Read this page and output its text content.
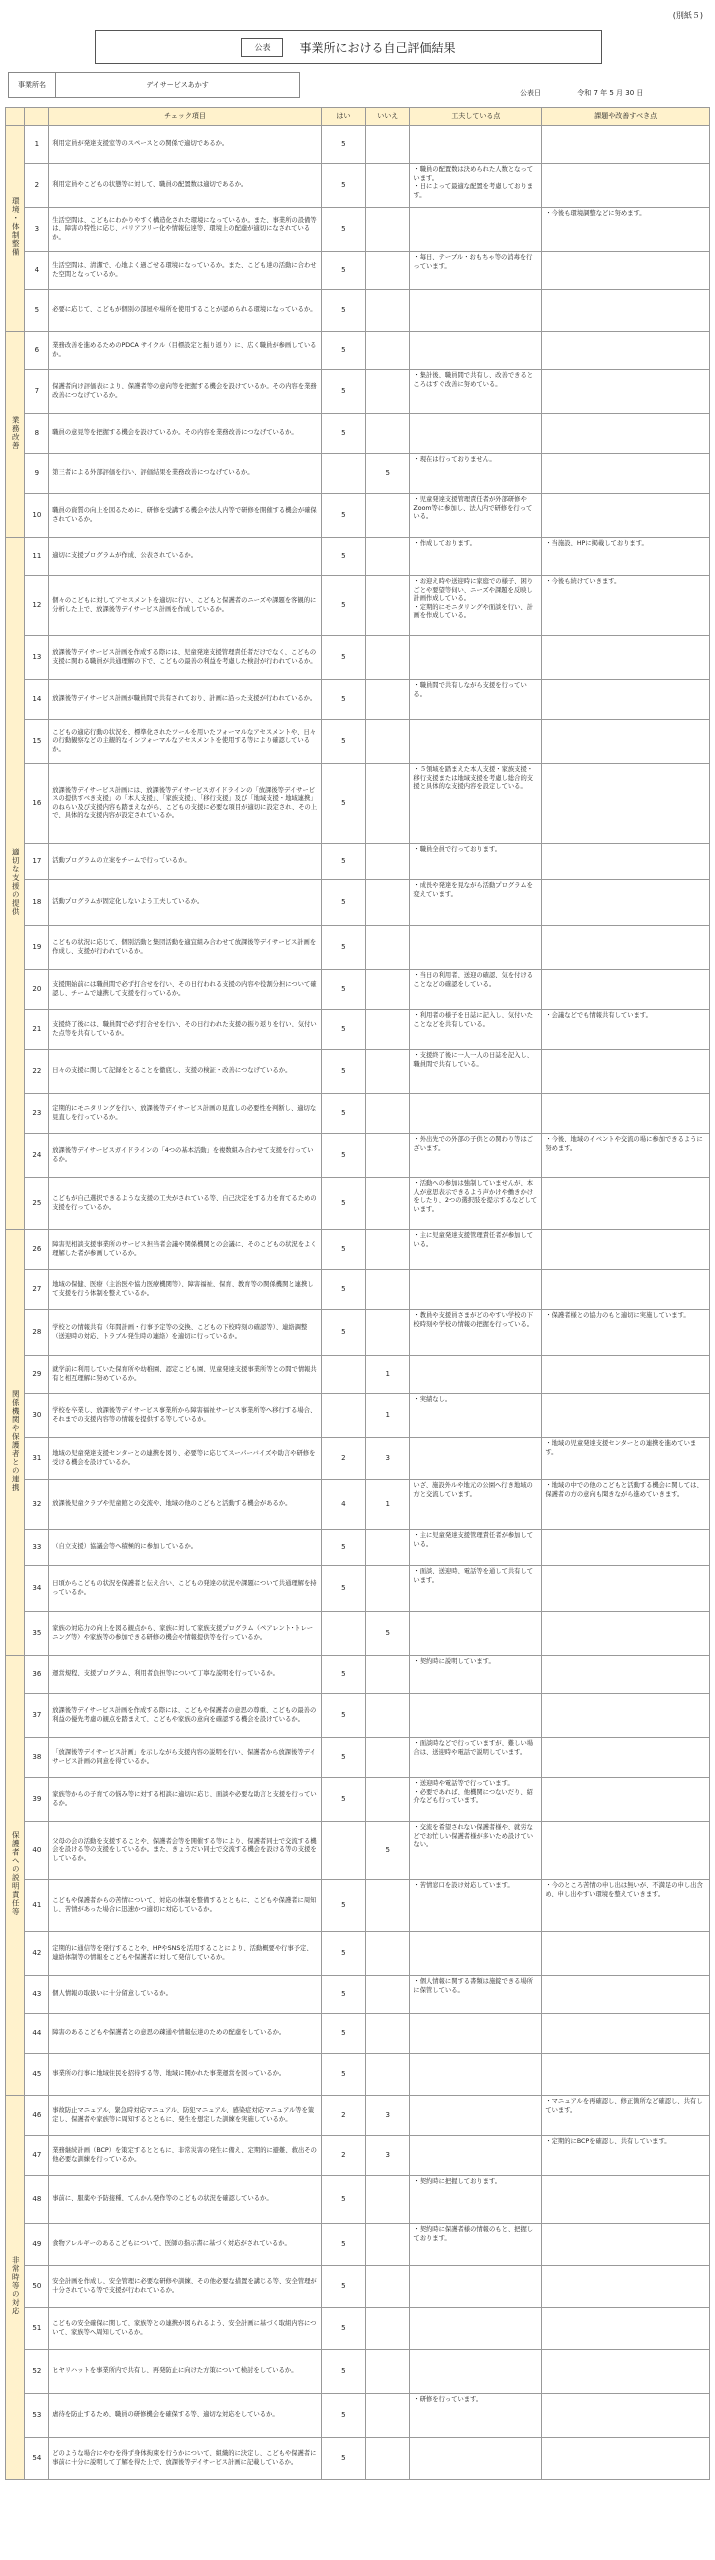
(別紙５)
公表	事業所における自己評価結果
事業所名	デイサービスあかす
公表日	令和 7 年 5 月 30 日
		チェック項目	はい	いいえ	工夫している点	課題や改善すべき点
環境・体制整備	1	利用定員が発達支援室等のスペースとの関係で適切であるか。	5			
	2	利用定員やこどもの状態等に対して、職員の配置数は適切であるか。	5		・職員の配置数は決められた人数となっています。
・日によって最適な配置を考慮しております。	
	3	生活空間は、こどもにわかりやすく構造化された環境になっているか。また、事業所の設備等は、障害の特性に応じ、バリアフリー化や情報伝達等、環境上の配慮が適切になされているか。	5			・今後も環境調整などに努めます。
	4	生活空間は、清潔で、心地よく過ごせる環境になっているか。また、こども達の活動に合わせた空間となっているか。	5		・毎日、テーブル・おもちゃ等の消毒を行っています。	
	5	必要に応じて、こどもが個別の部屋や場所を使用することが認められる環境になっているか。	5			
業務改善	6	業務改善を進めるためのPDCA サイクル（目標設定と振り返り）に、広く職員が参画しているか。	5			
	7	保護者向け評価表により、保護者等の意向等を把握する機会を設けているか。その内容を業務改善につなげているか。	5		・集計後、職員間で共有し、改善できるところはすぐ改善に努めている。	
	8	職員の意見等を把握する機会を設けているか。その内容を業務改善につなげているか。	5			
	9	第三者による外部評価を行い、評価結果を業務改善につなげているか。		5	・現在は行っておりません。	
	10	職員の資質の向上を図るために、研修を受講する機会や法人内等で研修を開催する機会が確保されているか。	5		・児童発達支援管理責任者が外部研修やZoom等に参加し、法人内で研修を行っている。	
適切な支援の提供	11	適切に支援プログラムが作成、公表されているか。	5		・作成しております。	・当施設、HPに掲載しております。
	12	個々のこどもに対してアセスメントを適切に行い、こどもと保護者のニーズや課題を客観的に分析した上で、放課後等デイサービス計画を作成しているか。	5		・お迎え時や送迎時に家庭での様子、困りごとや要望等伺い、ニーズや課題を反映し計画作成している。
・定期的にモニタリングや面談を行い、計画を作成している。	・今後も続けていきます。
	13	放課後等デイサービス計画を作成する際には、児童発達支援管理責任者だけでなく、こどもの支援に関わる職員が共通理解の下で、こどもの最善の利益を考慮した検討が行われているか。	5			
	14	放課後等デイサービス計画が職員間で共有されており、計画に沿った支援が行われているか。	5		・職員間で共有しながら支援を行っている。	
	15	こどもの適応行動の状況を、標準化されたツールを用いたフォーマルなアセスメントや、日々の行動観察などの主観的なインフォーマルなアセスメントを使用する等により確認しているか。	5			
	16	放課後等デイサービス計画には、放課後等デイサービスガイドラインの「放課後等デイサービスの提供すべき支援」の「本人支援」、「家族支援」、「移行支援」及び「地域支援・地域連携」のねらい及び支援内容も踏まえながら、こどもの支援に必要な項目が適切に設定され、その上で、具体的な支援内容が設定されているか。	5		・５領域を踏まえた本人支援・家族支援・移行支援または地域支援を考慮し総合的支援と具体的な支援内容を設定している。	
	17	活動プログラムの立案をチームで行っているか。	5		・職員全員で行っております。	
	18	活動プログラムが固定化しないよう工夫しているか。	5		・成長や発達を見ながら活動プログラムを変えています。	
	19	こどもの状況に応じて、個別活動と集団活動を適宜組み合わせて放課後等デイサービス計画を作成し、支援が行われているか。	5			
	20	支援開始前には職員間で必ず打合せを行い、その日行われる支援の内容や役割分担について確認し、チームで連携して支援を行っているか。	5		・当日の利用者、送迎の確認、気を付けることなどの確認をしている。	
	21	支援終了後には、職員間で必ず打合せを行い、その日行われた支援の振り返りを行い、気付いた点等を共有しているか。	5		・利用者の様子を日誌に記入し、気付いたことなどを共有している。	・会議などでも情報共有しています。
	22	日々の支援に関して記録をとることを徹底し、支援の検証・改善につなげているか。	5		・支援終了後に一人一人の日誌を記入し、職員間で共有している。	
	23	定期的にモニタリングを行い、放課後等デイサービス計画の見直しの必要性を判断し、適切な見直しを行っているか。	5			
	24	放課後等デイサービスガイドラインの「4つの基本活動」を複数組み合わせて支援を行っているか。	5		・外出先での外部の子供との関わり等はございます。	・今後、地域のイベントや交流の場に参加できるように努めます。
	25	こどもが自己選択できるような支援の工夫がされている等、自己決定をする力を育てるための支援を行っているか。	5		・活動への参加は強制していませんが、本人が意思表示できるよう声かけや働きかけをしたり、2つの選択肢を提示するなどしています。	
関係機関や保護者との連携	26	障害児相談支援事業所のサービス担当者会議や関係機関との会議に、そのこどもの状況をよく理解した者が参画しているか。	5		・主に児童発達支援管理責任者が参加している。	
	27	地域の保健、医療（主治医や協力医療機関等）、障害福祉、保育、教育等の関係機関と連携して支援を行う体制を整えているか。	5			
	28	学校との情報共有（年間計画・行事予定等の交換、こどもの下校時刻の確認等）、連絡調整（送迎時の対応、トラブル発生時の連絡）を適切に行っているか。	5		・教員や支援員さまがどのやすい学校の下校時刻や学校の情報の把握を行っている。	・保護者様との協力のもと適切に実施しています。
	29	就学前に利用していた保育所や幼稚園、認定こども園、児童発達支援事業所等との間で情報共有と相互理解に努めているか。		1		
	30	学校を卒業し、放課後等デイサービス事業所から障害福祉サービス事業所等へ移行する場合、それまでの支援内容等の情報を提供する等しているか。		1	・実績なし。	
	31	地域の児童発達支援センターとの連携を図り、必要等に応じてスーパーバイズや助言や研修を受ける機会を設けているか。	2	3		・地域の児童発達支援センターとの連携を進めています。
	32	放課後児童クラブや児童館との交流や、地域の他のこどもと活動する機会があるか。	4	1	いざ、施設外ルや地元の公園へ行き地域の方と交流しています。	・地域の中での他のこどもと活動する機会に関しては、保護者の方の意向も聞きながら進めていきます。
	33	（自立支援）協議会等へ積極的に参加しているか。	5		・主に児童発達支援管理責任者が参加している。	
	34	日頃からこどもの状況を保護者と伝え合い、こどもの発達の状況や課題について共通理解を持っているか。	5		・面談、送迎時、電話等を通して共有しています。	
	35	家族の対応力の向上を図る観点から、家族に対して家族支援プログラム（ペアレント･トレーニング等）や家族等の参加できる研修の機会や情報提供等を行っているか。		5		
保護者への説明責任等	36	運営規程、支援プログラム、利用者負担等について丁寧な説明を行っているか。	5		・契約時に説明しています。	
	37	放課後等デイサービス計画を作成する際には、こどもや保護者の意思の尊重、こどもの最善の利益の優先考慮の観点を踏まえて、こどもや家族の意向を確認する機会を設けているか。	5			
	38	「放課後等デイサービス計画」を示しながら支援内容の説明を行い、保護者から放課後等デイサービス計画の同意を得ているか。	5		・面談時などで行っていますが、難しい場合は、送迎時や電話で説明しています。	
	39	家族等からの子育ての悩み等に対する相談に適切に応じ、面談や必要な助言と支援を行っているか。	5		・送迎時や電話等で行っています。
・必要であれば、他機関につないだり、紹介なども行っています。	
	40	父母の会の活動を支援することや、保護者会等を開催する等により、保護者同士で交流する機会を設ける等の支援をしているか。また、きょうだい同士で交流する機会を設ける等の支援をしているか。		5	・交流を希望されない保護者様や、就労などでお忙しい保護者様が多いため設けていない。	
	41	こどもや保護者からの苦情について、対応の体制を整備するとともに、こどもや保護者に周知し、苦情があった場合に迅速かつ適切に対応しているか。	5		・苦情窓口を設け対応しています。	・今のところ苦情の申し出は無いが、不満足の申し出含め、申し出やすい環境を整えていきます。
	42	定期的に通信等を発行することや、HPやSNSを活用することにより、活動概要や行事予定、連絡体制等の情報をこどもや保護者に対して発信しているか。	5			
	43	個人情報の取扱いに十分留意しているか。	5		・個人情報に関する書類は施錠できる場所に保管している。	
	44	障害のあるこどもや保護者との意思の疎通や情報伝達のための配慮をしているか。	5			
	45	事業所の行事に地域住民を招待する等、地域に開かれた事業運営を図っているか。	5			
非常時等の対応	46	事故防止マニュアル、緊急時対応マニュアル、防犯マニュアル、感染症対応マニュアル等を策定し、保護者や家族等に周知するとともに、発生を想定した訓練を実施しているか。	2	3		・マニュアルを再確認し、修正箇所など確認し、共有しています。
	47	業務継続計画（BCP）を策定するとともに、非常災害の発生に備え、定期的に避難、救出その他必要な訓練を行っているか。	2	3		・定期的にBCPを確認し、共有しています。
	48	事前に、服薬や予防接種、てんかん発作等のこどもの状況を確認しているか。	5		・契約時に把握しております。	
	49	食物アレルギーのあるこどもについて、医師の指示書に基づく対応がされているか。	5		・契約時に保護者様の情報のもと、把握しております。	
	50	安全計画を作成し、安全管理に必要な研修や訓練、その他必要な措置を講じる等、安全管理が十分されている等で支援が行われているか。	5			
	51	こどもの安全確保に関して、家族等との連携が図られるよう、安全計画に基づく取組内容について、家族等へ周知しているか。	5			
	52	ヒヤリハットを事業所内で共有し、再発防止に向けた方策について検討をしているか。	5			
	53	虐待を防止するため、職員の研修機会を確保する等、適切な対応をしているか。	5		・研修を行っています。	
	54	どのような場合にやむを得ず身体拘束を行うかについて、組織的に決定し、こどもや保護者に事前に十分に説明して了解を得た上で、放課後等デイサービス計画に記載しているか。	5			
